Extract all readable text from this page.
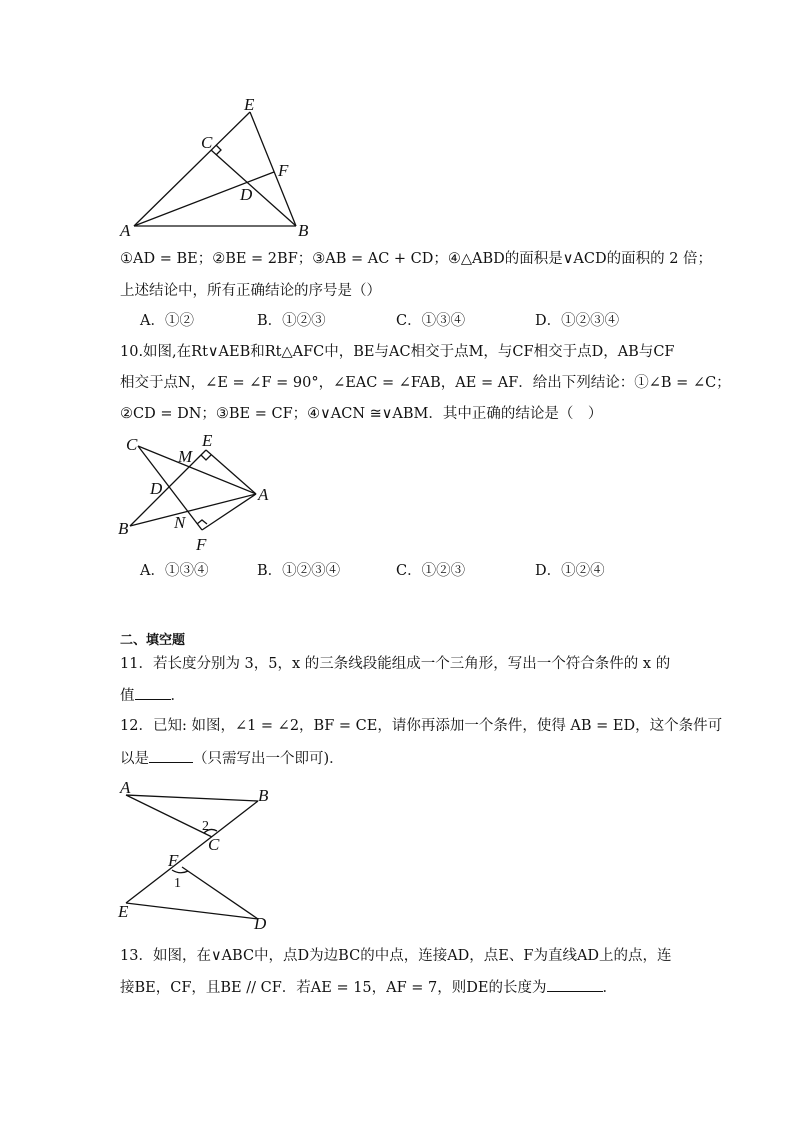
E
C
F
D
A	B
①AD = BE；②BE = 2BF；③AB = AC + CD；④△ABD的面积是∨ACD的面积的 2 倍；
上述结论中，所有正确结论的序号是（）
A．①②	B．①②③	C．①③④	D．①②③④
10.如图,在Rt∨AEB和Rt△AFC中，BE与AC相交于点M，与CF相交于点D，AB与CF
相交于点N，∠E = ∠F = 90°，∠EAC = ∠FAB，AE = AF．给出下列结论：①∠B = ∠C；
②CD = DN；③BE = CF；④∨ACN ≅∨ABM．其中正确的结论是（　）
C	E
M
D	A
B	N
F
A．①③④	B．①②③④	C．①②③	D．①②④
二、填空题
11．若长度分别为 3，5，x 的三条线段能组成一个三角形，写出一个符合条件的 x 的
值 ．
12．已知: 如图，∠1 = ∠2，BF = CE，请你再添加一个条件，使得 AB = ED，这个条件可
以是	（只需写出一个即可)．
A	B
2
C
F
1
E
D
13．如图，在∨ABC中，点D为边BC的中点，连接AD，点E、F为直线AD上的点，连
接BE，CF，且BE // CF．若AE = 15，AF = 7，则DE的长度为	．
